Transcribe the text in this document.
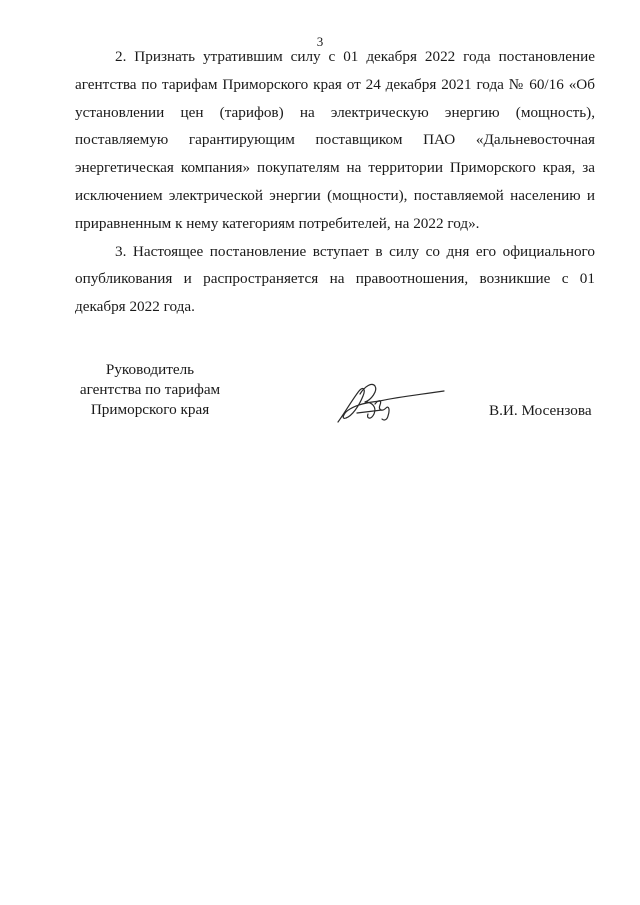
3

2. Признать утратившим силу с 01 декабря 2022 года постановление агентства по тарифам Приморского края от 24 декабря 2021 года № 60/16 «Об установлении цен (тарифов) на электрическую энергию (мощность), поставляемую гарантирующим поставщиком ПАО «Дальневосточная энергетическая компания» покупателям на территории Приморского края, за исключением электрической энергии (мощности), поставляемой населению и приравненным к нему категориям потребителей, на 2022 год».

3. Настоящее постановление вступает в силу со дня его официального опубликования и распространяется на правоотношения, возникшие с 01 декабря 2022 года.

Руководитель
агентства по тарифам
Приморского края	В.И. Мосензова
